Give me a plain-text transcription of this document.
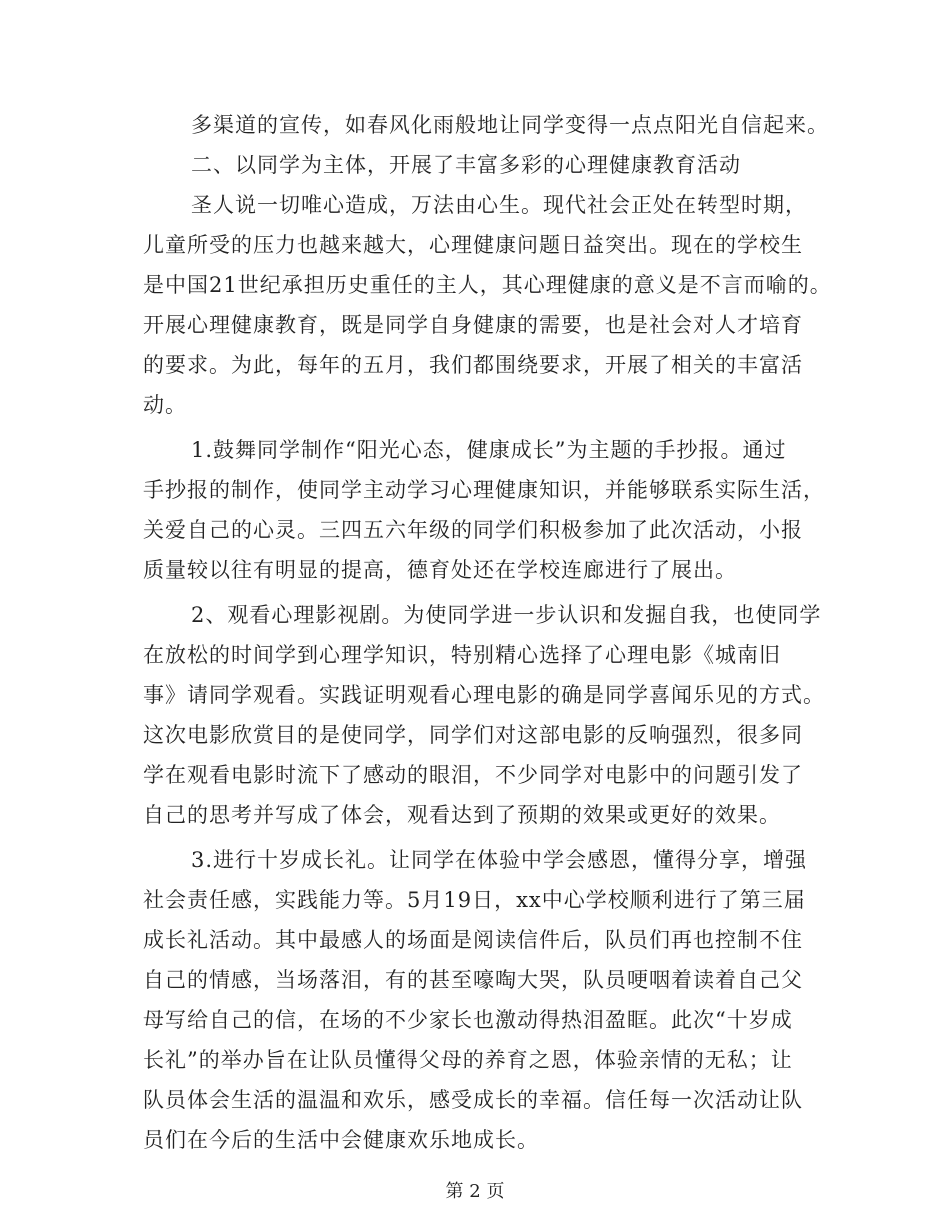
多渠道的宣传，如春风化雨般地让同学变得一点点阳光自信起来。
二、以同学为主体，开展了丰富多彩的心理健康教育活动
圣人说一切唯心造成，万法由心生。现代社会正处在转型时期，
儿童所受的压力也越来越大，心理健康问题日益突出。现在的学校生
是中国21世纪承担历史重任的主人，其心理健康的意义是不言而喻的。
开展心理健康教育，既是同学自身健康的需要，也是社会对人才培育
的要求。为此，每年的五月，我们都围绕要求，开展了相关的丰富活
动。
1.鼓舞同学制作“阳光心态，健康成长”为主题的手抄报。通过
手抄报的制作，使同学主动学习心理健康知识，并能够联系实际生活，
关爱自己的心灵。三四五六年级的同学们积极参加了此次活动，小报
质量较以往有明显的提高，德育处还在学校连廊进行了展出。
2、观看心理影视剧。为使同学进一步认识和发掘自我，也使同学
在放松的时间学到心理学知识，特别精心选择了心理电影《城南旧
事》请同学观看。实践证明观看心理电影的确是同学喜闻乐见的方式。
这次电影欣赏目的是使同学，同学们对这部电影的反响强烈，很多同
学在观看电影时流下了感动的眼泪，不少同学对电影中的问题引发了
自己的思考并写成了体会，观看达到了预期的效果或更好的效果。
3.进行十岁成长礼。让同学在体验中学会感恩，懂得分享，增强
社会责任感，实践能力等。5月19日，xx中心学校顺利进行了第三届
成长礼活动。其中最感人的场面是阅读信件后，队员们再也控制不住
自己的情感，当场落泪，有的甚至嚎啕大哭，队员哽咽着读着自己父
母写给自己的信，在场的不少家长也激动得热泪盈眶。此次“十岁成
长礼”的举办旨在让队员懂得父母的养育之恩，体验亲情的无私；让
队员体会生活的温温和欢乐，感受成长的幸福。信任每一次活动让队
员们在今后的生活中会健康欢乐地成长。
第 2 页
